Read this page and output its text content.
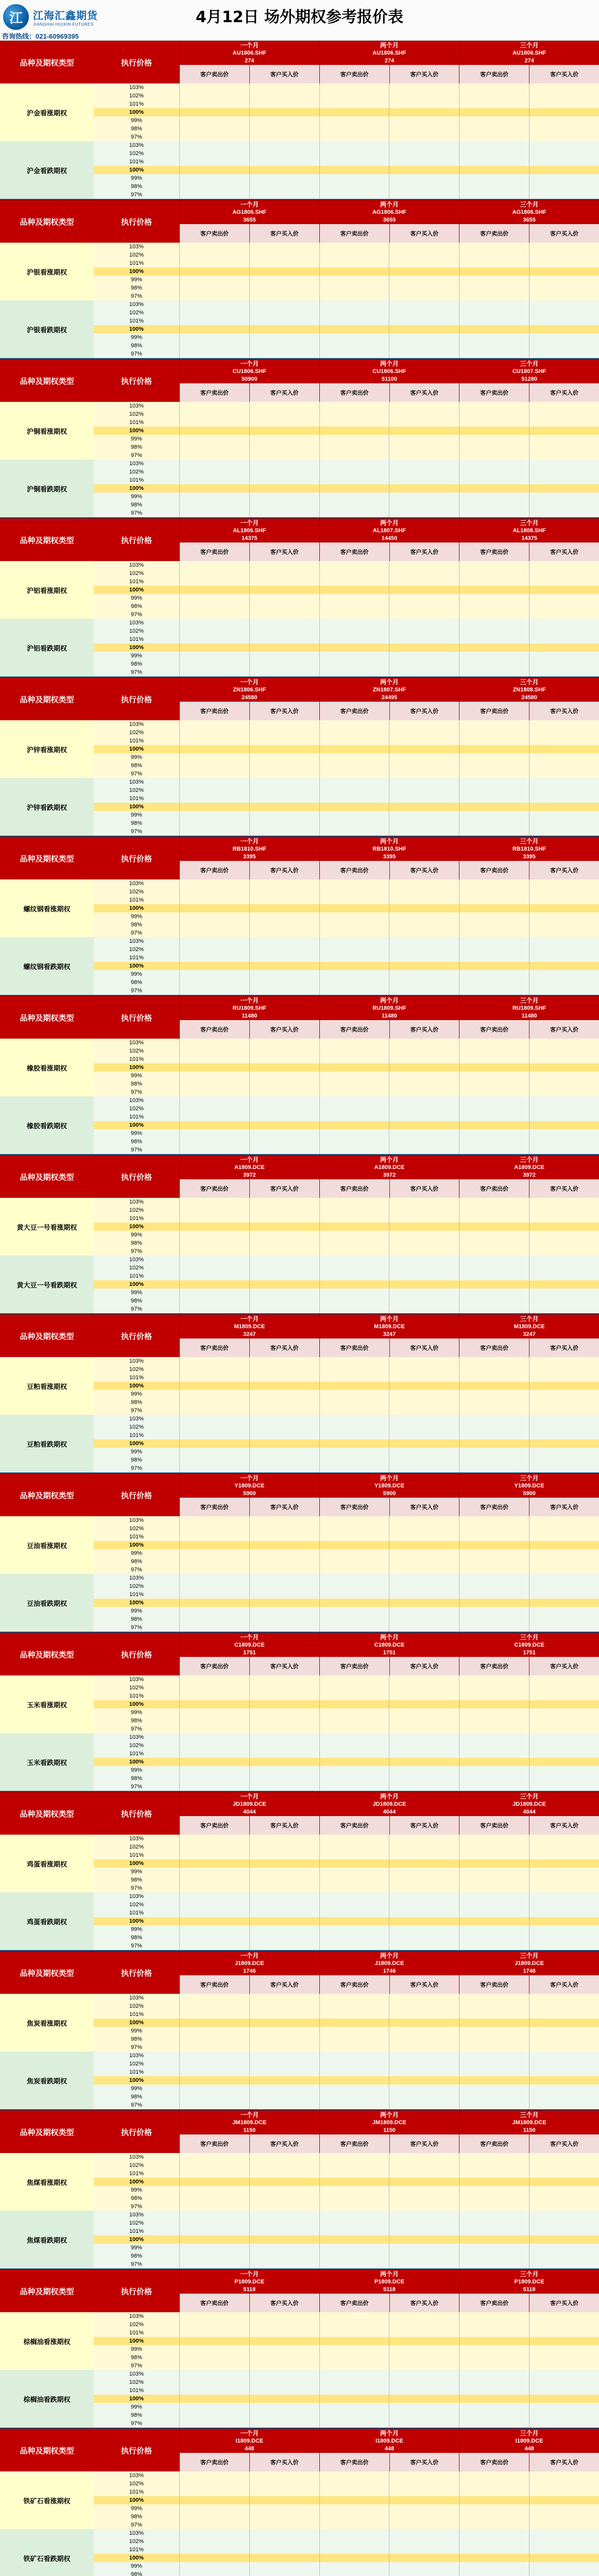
江	江海汇鑫期货
JIANGHAI HUIXIN FUTURES	4月12日 场外期权参考报价表
咨询热线：021-60969395
品种及期权类型	执行价格
一个月
AU1806.SHF
274
客户卖出价	客户买入价
两个月
AU1806.SHF
274
客户卖出价	客户买入价
三个月
AU1806.SHF
274
客户卖出价	客户买入价
沪金 看涨期权
103%
102%
101%
100%
99%
98%
97%
沪金 看跌期权
103%
102%
101%
100%
99%
98%
97%
品种及期权类型	执行价格
一个月
AG1806.SHF
3655
客户卖出价	客户买入价
两个月
AG1806.SHF
3655
客户卖出价	客户买入价
三个月
AG1806.SHF
3655
客户卖出价	客户买入价
沪银 看涨期权
103%
102%
101%
100%
99%
98%
97%
沪银 看跌期权
103%
102%
101%
100%
99%
98%
97%
品种及期权类型	执行价格
一个月
CU1806.SHF
50900
客户卖出价	客户买入价
两个月
CU1806.SHF
51100
客户卖出价	客户买入价
三个月
CU1807.SHF
51280
客户卖出价	客户买入价
沪铜 看涨期权
103%
102%
101%
100%
99%
98%
97%
沪铜 看跌期权
103%
102%
101%
100%
99%
98%
97%
品种及期权类型	执行价格
一个月
AL1806.SHF
14375
客户卖出价	客户买入价
两个月
AL1807.SHF
14450
客户卖出价	客户买入价
三个月
AL1808.SHF
14375
客户卖出价	客户买入价
沪铝 看涨期权
103%
102%
101%
100%
99%
98%
97%
沪铝 看跌期权
103%
102%
101%
100%
99%
98%
97%
品种及期权类型	执行价格
一个月
ZN1806.SHF
24580
客户卖出价	客户买入价
两个月
ZN1807.SHF
24495
客户卖出价	客户买入价
三个月
ZN1808.SHF
24580
客户卖出价	客户买入价
沪锌 看涨期权
103%
102%
101%
100%
99%
98%
97%
沪锌 看跌期权
103%
102%
101%
100%
99%
98%
97%
品种及期权类型	执行价格
一个月
RB1810.SHF
3395
客户卖出价	客户买入价
两个月
RB1810.SHF
3395
客户卖出价	客户买入价
三个月
RB1810.SHF
3395
客户卖出价	客户买入价
螺纹钢 看涨期权
103%
102%
101%
100%
99%
98%
97%
螺纹钢 看跌期权
103%
102%
101%
100%
99%
98%
97%
品种及期权类型	执行价格
一个月
RU1809.SHF
11480
客户卖出价	客户买入价
两个月
RU1809.SHF
11480
客户卖出价	客户买入价
三个月
RU1809.SHF
11480
客户卖出价	客户买入价
橡胶 看涨期权
103%
102%
101%
100%
99%
98%
97%
橡胶 看跌期权
103%
102%
101%
100%
99%
98%
97%
品种及期权类型	执行价格
一个月
A1809.DCE
3972
客户卖出价	客户买入价
两个月
A1809.DCE
3972
客户卖出价	客户买入价
三个月
A1809.DCE
3972
客户卖出价	客户买入价
黄大豆一号 看涨期权
103%
102%
101%
100%
99%
98%
97%
黄大豆一号 看跌期权
103%
102%
101%
100%
99%
98%
97%
品种及期权类型	执行价格
一个月
M1809.DCE
3247
客户卖出价	客户买入价
两个月
M1809.DCE
3247
客户卖出价	客户买入价
三个月
M1809.DCE
3247
客户卖出价	客户买入价
豆粕 看涨期权
103%
102%
101%
100%
99%
98%
97%
豆粕 看跌期权
103%
102%
101%
100%
99%
98%
97%
品种及期权类型	执行价格
一个月
Y1809.DCE
5900
客户卖出价	客户买入价
两个月
Y1809.DCE
5900
客户卖出价	客户买入价
三个月
Y1809.DCE
5900
客户卖出价	客户买入价
豆油 看涨期权
103%
102%
101%
100%
99%
98%
97%
豆油 看跌期权
103%
102%
101%
100%
99%
98%
97%
品种及期权类型	执行价格
一个月
C1809.DCE
1751
客户卖出价	客户买入价
两个月
C1809.DCE
1751
客户卖出价	客户买入价
三个月
C1809.DCE
1751
客户卖出价	客户买入价
玉米 看涨期权
103%
102%
101%
100%
99%
98%
97%
玉米 看跌期权
103%
102%
101%
100%
99%
98%
97%
品种及期权类型	执行价格
一个月
JD1809.DCE
4044
客户卖出价	客户买入价
两个月
JD1809.DCE
4044
客户卖出价	客户买入价
三个月
JD1809.DCE
4044
客户卖出价	客户买入价
鸡蛋 看涨期权
103%
102%
101%
100%
99%
98%
97%
鸡蛋 看跌期权
103%
102%
101%
100%
99%
98%
97%
品种及期权类型	执行价格
一个月
J1809.DCE
1746
客户卖出价	客户买入价
两个月
J1809.DCE
1746
客户卖出价	客户买入价
三个月
J1809.DCE
1746
客户卖出价	客户买入价
焦炭 看涨期权
103%
102%
101%
100%
99%
98%
97%
焦炭 看跌期权
103%
102%
101%
100%
99%
98%
97%
品种及期权类型	执行价格
一个月
JM1809.DCE
1150
客户卖出价	客户买入价
两个月
JM1809.DCE
1150
客户卖出价	客户买入价
三个月
JM1809.DCE
1150
客户卖出价	客户买入价
焦煤 看涨期权
103%
102%
101%
100%
99%
98%
97%
焦煤 看跌期权
103%
102%
101%
100%
99%
98%
97%
品种及期权类型	执行价格
一个月
P1809.DCE
5118
客户卖出价	客户买入价
两个月
P1809.DCE
5118
客户卖出价	客户买入价
三个月
P1809.DCE
5118
客户卖出价	客户买入价
棕榈油 看涨期权
103%
102%
101%
100%
99%
98%
97%
棕榈油 看跌期权
103%
102%
101%
100%
99%
98%
97%
品种及期权类型	执行价格
一个月
I1809.DCE
448
客户卖出价	客户买入价
两个月
I1809.DCE
448
客户卖出价	客户买入价
三个月
I1809.DCE
448
客户卖出价	客户买入价
铁矿石 看涨期权
103%
102%
101%
100%
99%
98%
97%
铁矿石 看跌期权
103%
102%
101%
100%
99%
98%
